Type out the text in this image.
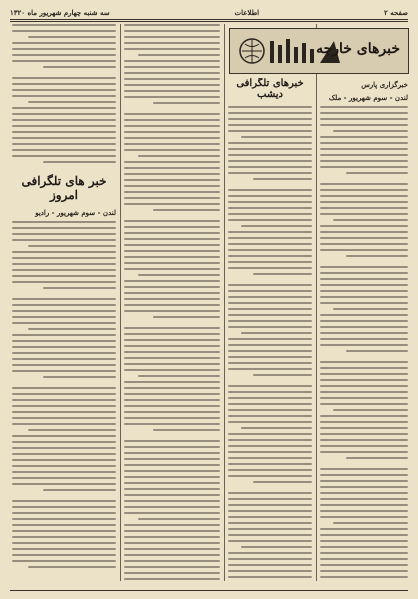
صفحه ۲
اطلاعات
سه شنبه چهارم شهریور ماه ۱۳۲۰
خبرهای خارجه
خبر های تلگرافی امروز
لندن - سوم شهریور - رادیو
خبرهای تلگرافی دیشب
خبرگزاری پارس
لندن - سوم شهریور - ملک
